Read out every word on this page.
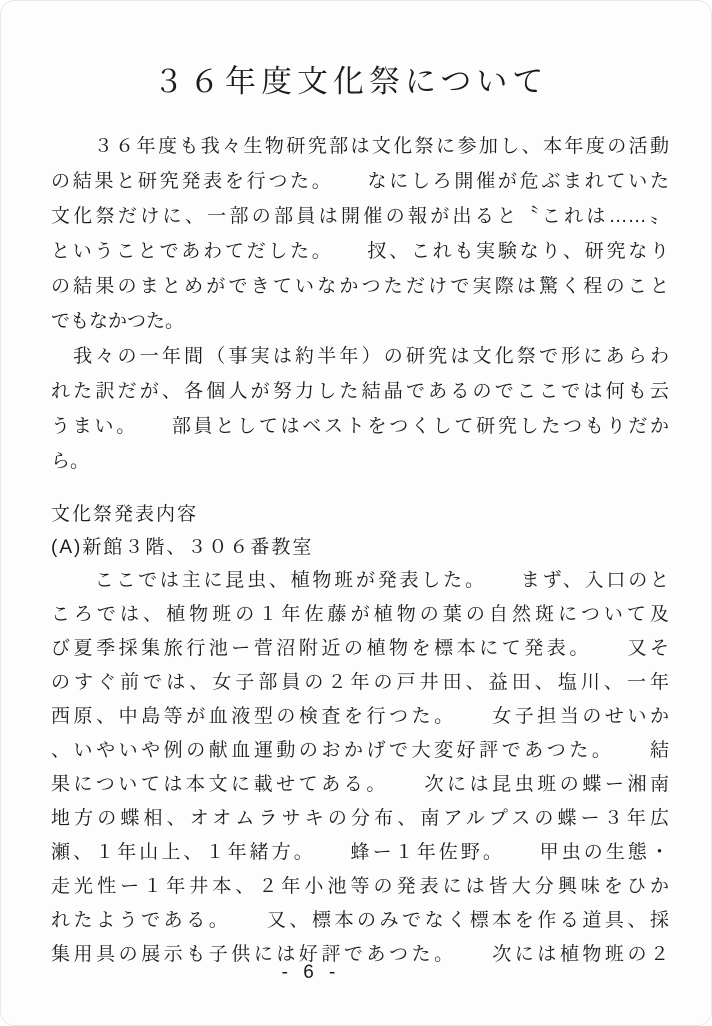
３６年度文化祭について
　　３６年度も我々生物研究部は文化祭に参加し、本年度の活動
の結果と研究発表を行つた。　　なにしろ開催が危ぶまれていた
文化祭だけに、一部の部員は開催の報が出ると〝これは……〟
ということであわてだした。　　扠、これも実験なり、研究なり
の結果のまとめができていなかつただけで実際は驚く程のこと
でもなかつた。
　我々の一年間（事実は約半年）の研究は文化祭で形にあらわ
れた訳だが、各個人が努力した結晶であるのでここでは何も云
うまい。　　部員としてはベストをつくして研究したつもりだか
ら。
文化祭発表内容
(A)新館３階、３０６番教室
　　ここでは主に昆虫、植物班が発表した。　　まず、入口のと
ころでは、植物班の１年佐藤が植物の葉の自然斑について及
び夏季採集旅行池ー菅沼附近の植物を標本にて発表。　　又そ
のすぐ前では、女子部員の２年の戸井田、益田、塩川、一年
西原、中島等が血液型の検査を行つた。　　女子担当のせいか
、いやいや例の献血運動のおかげで大変好評であつた。　　結
果については本文に載せてある。　　次には昆虫班の蝶ー湘南
地方の蝶相、オオムラサキの分布、南アルプスの蝶ー３年広
瀬、１年山上、１年緒方。　　蜂ー１年佐野。　　甲虫の生態・
走光性ー１年井本、２年小池等の発表には皆大分興味をひか
れたようである。　　又、標本のみでなく標本を作る道具、採
集用具の展示も子供には好評であつた。　　次には植物班の２
- 6 -
